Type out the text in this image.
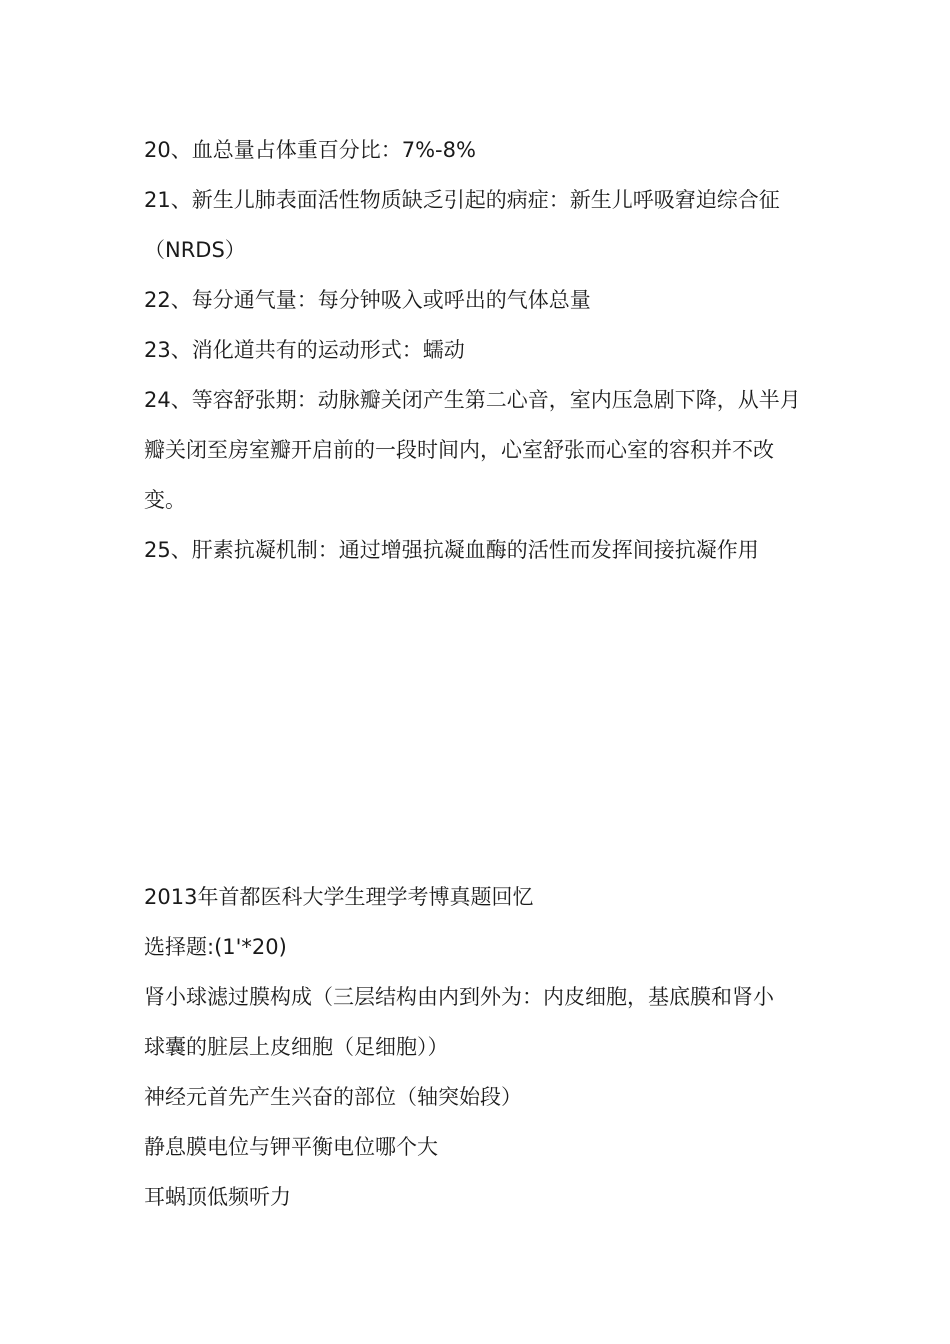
20、血总量占体重百分比：7%-8%
21、新生儿肺表面活性物质缺乏引起的病症：新生儿呼吸窘迫综合征
（NRDS）
22、每分通气量：每分钟吸入或呼出的气体总量
23、消化道共有的运动形式：蠕动
24、等容舒张期：动脉瓣关闭产生第二心音，室内压急剧下降，从半月
瓣关闭至房室瓣开启前的一段时间内，心室舒张而心室的容积并不改
变。
25、肝素抗凝机制：通过增强抗凝血酶的活性而发挥间接抗凝作用
2013年首都医科大学生理学考博真题回忆
选择题:(1'*20)
肾小球滤过膜构成（三层结构由内到外为：内皮细胞，基底膜和肾小
球囊的脏层上皮细胞（足细胞））
神经元首先产生兴奋的部位（轴突始段）
静息膜电位与钾平衡电位哪个大
耳蜗顶低频听力
